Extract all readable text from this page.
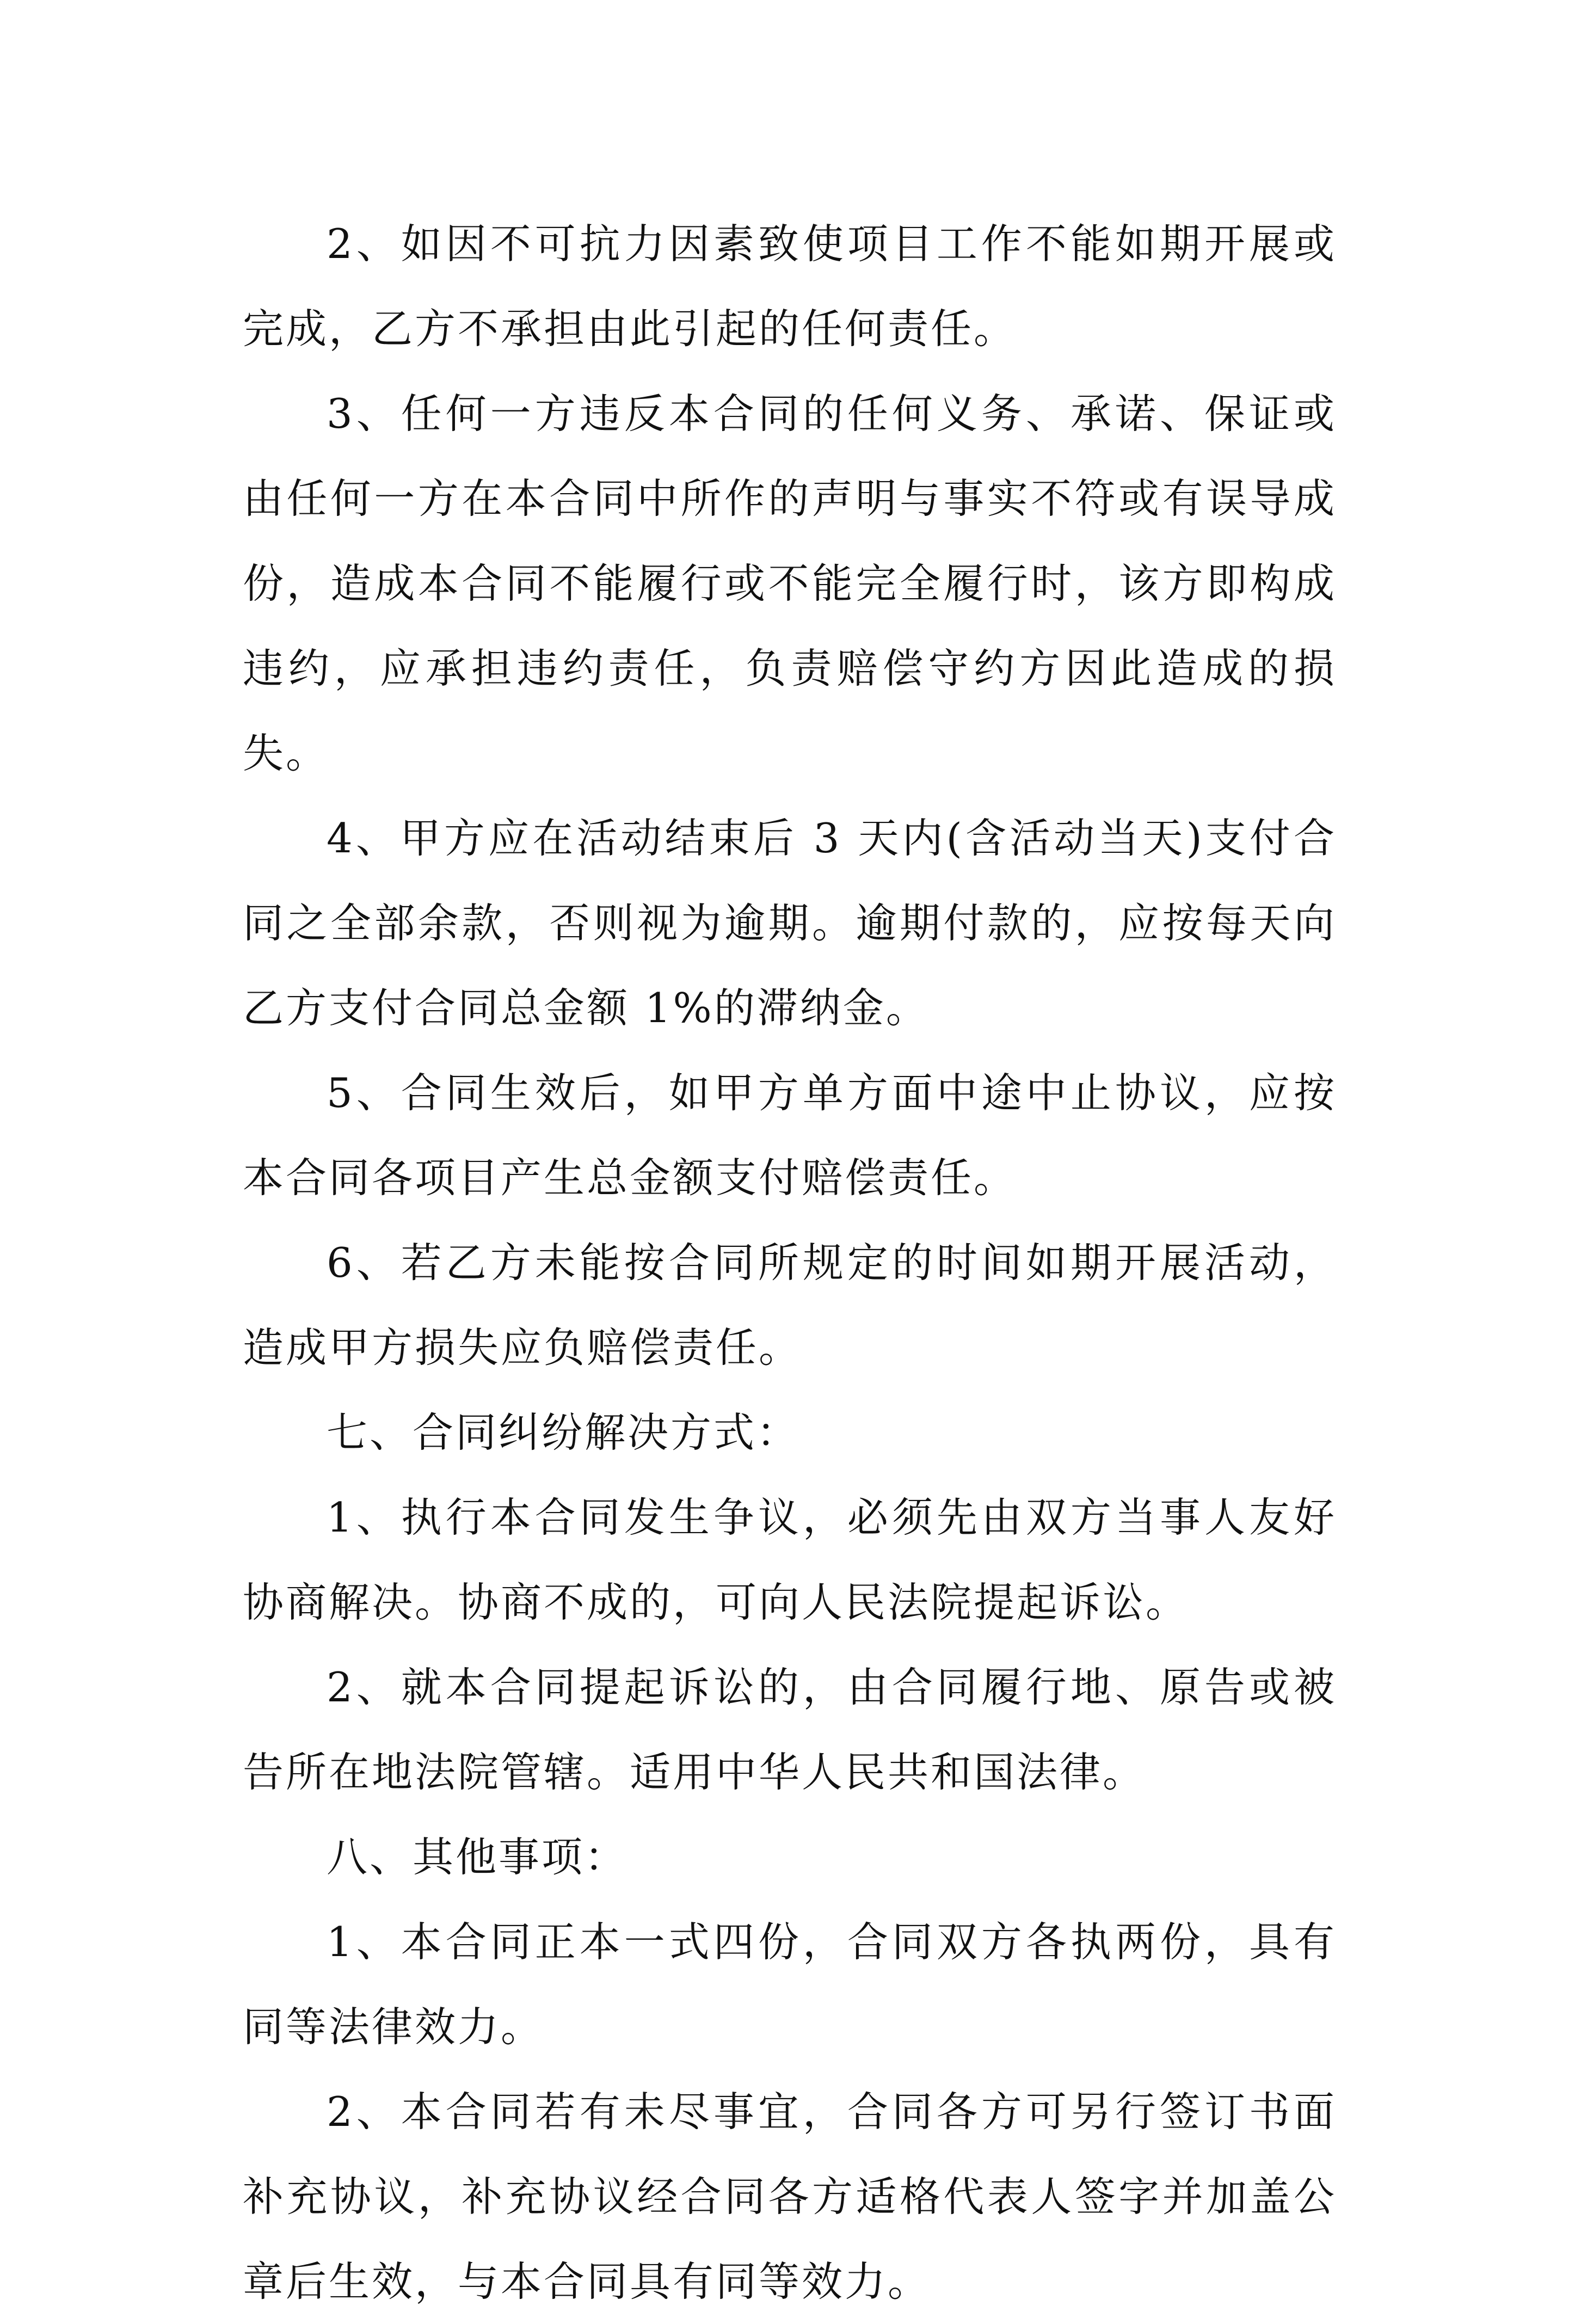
2、如因不可抗力因素致使项目工作不能如期开展或完成，乙方不承担由此引起的任何责任。

3、任何一方违反本合同的任何义务、承诺、保证或由任何一方在本合同中所作的声明与事实不符或有误导成份，造成本合同不能履行或不能完全履行时，该方即构成违约，应承担违约责任，负责赔偿守约方因此造成的损失。

4、甲方应在活动结束后 3 天内(含活动当天)支付合同之全部余款，否则视为逾期。逾期付款的，应按每天向乙方支付合同总金额 1%的滞纳金。

5、合同生效后，如甲方单方面中途中止协议，应按本合同各项目产生总金额支付赔偿责任。

6、若乙方未能按合同所规定的时间如期开展活动，造成甲方损失应负赔偿责任。

七、合同纠纷解决方式：

1、执行本合同发生争议，必须先由双方当事人友好协商解决。协商不成的，可向人民法院提起诉讼。

2、就本合同提起诉讼的，由合同履行地、原告或被告所在地法院管辖。适用中华人民共和国法律。

八、其他事项：

1、本合同正本一式四份，合同双方各执两份，具有同等法律效力。

2、本合同若有未尽事宜，合同各方可另行签订书面补充协议，补充协议经合同各方适格代表人签字并加盖公章后生效，与本合同具有同等效力。
